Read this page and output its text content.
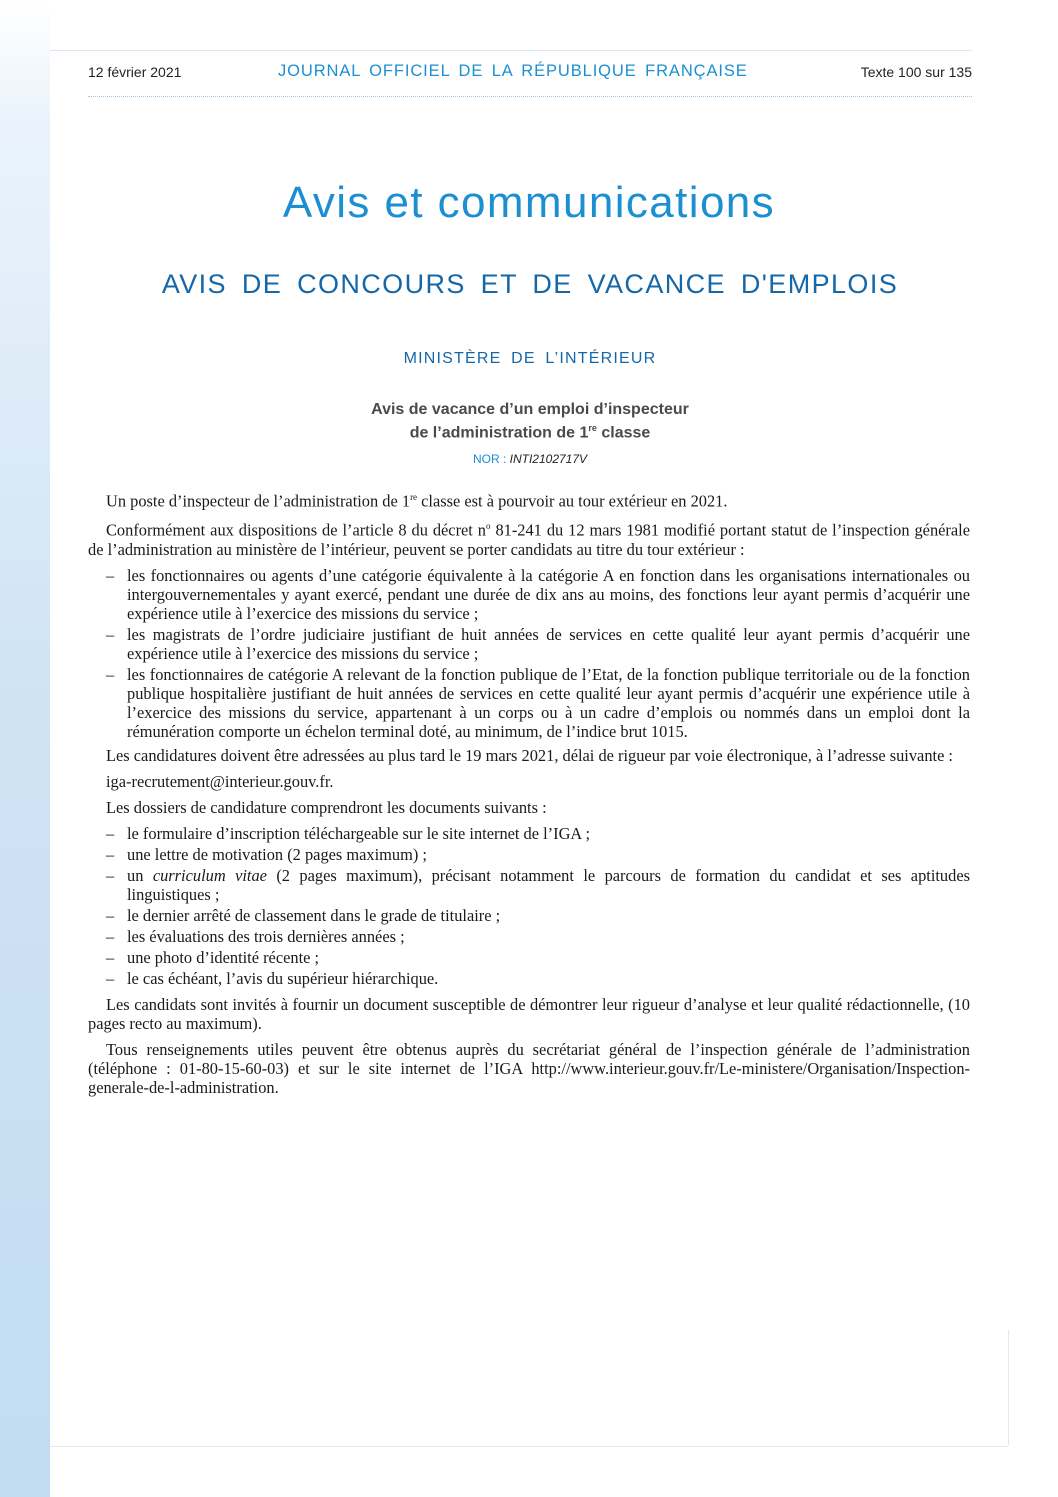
12 février 2021	JOURNAL OFFICIEL DE LA RÉPUBLIQUE FRANÇAISE	Texte 100 sur 135
Avis et communications
AVIS DE CONCOURS ET DE VACANCE D'EMPLOIS
MINISTÈRE DE L’INTÉRIEUR
Avis de vacance d’un emploi d’inspecteur
de l’administration de 1re classe
NOR : INTI2102717V

Un poste d’inspecteur de l’administration de 1re classe est à pourvoir au tour extérieur en 2021.

Conformément aux dispositions de l’article 8 du décret $n^o$ 81-241 du 12 mars 1981 modifié portant statut de l’inspection générale de l’administration au ministère de l’intérieur, peuvent se porter candidats au titre du tour extérieur :

– les fonctionnaires ou agents d’une catégorie équivalente à la catégorie A en fonction dans les organisations internationales ou intergouvernementales y ayant exercé, pendant une durée de dix ans au moins, des fonctions leur ayant permis d’acquérir une expérience utile à l’exercice des missions du service ;
– les magistrats de l’ordre judiciaire justifiant de huit années de services en cette qualité leur ayant permis d’acquérir une expérience utile à l’exercice des missions du service ;
– les fonctionnaires de catégorie A relevant de la fonction publique de l’Etat, de la fonction publique territoriale ou de la fonction publique hospitalière justifiant de huit années de services en cette qualité leur ayant permis d’acquérir une expérience utile à l’exercice des missions du service, appartenant à un corps ou à un cadre d’emplois ou nommés dans un emploi dont la rémunération comporte un échelon terminal doté, au minimum, de l’indice brut 1015.

Les candidatures doivent être adressées au plus tard le 19 mars 2021, délai de rigueur par voie électronique, à l’adresse suivante :

iga-recrutement@interieur.gouv.fr.

Les dossiers de candidature comprendront les documents suivants :

– le formulaire d’inscription téléchargeable sur le site internet de l’IGA ;
– une lettre de motivation (2 pages maximum) ;
– un curriculum vitae (2 pages maximum), précisant notamment le parcours de formation du candidat et ses aptitudes linguistiques ;
– le dernier arrêté de classement dans le grade de titulaire ;
– les évaluations des trois dernières années ;
– une photo d’identité récente ;
– le cas échéant, l’avis du supérieur hiérarchique.

Les candidats sont invités à fournir un document susceptible de démontrer leur rigueur d’analyse et leur qualité rédactionnelle, (10 pages recto au maximum).

Tous renseignements utiles peuvent être obtenus auprès du secrétariat général de l’inspection générale de l’administration (téléphone : 01-80-15-60-03) et sur le site internet de l’IGA http://www.interieur.gouv.fr/Le-ministere/Organisation/Inspection-generale-de-l-administration.
